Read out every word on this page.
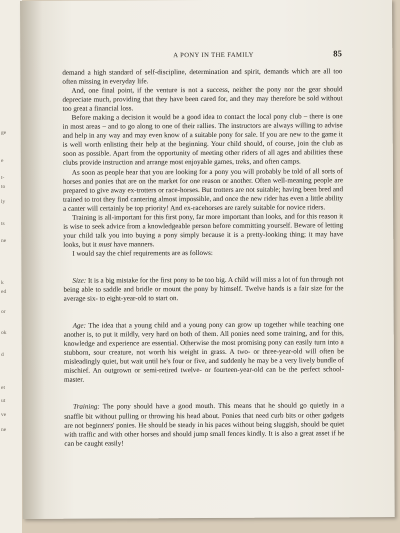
ge
e
t-
to
ly
ts
ne
k
ed
or
ok
d
et
ut
ve
ne
A PONY IN THE FAMILY	85

demand a high standard of self-discipline, determination and spirit, demands which are all too often missing in everyday life.

And, one final point, if the venture is not a success, neither the pony nor the gear should depreciate much, providing that they have been cared for, and they may therefore be sold without too great a financial loss.

Before making a decision it would be a good idea to contact the local pony club – there is one in most areas – and to go along to one of their rallies. The instructors are always willing to advise and help in any way and may even know of a suitable pony for sale. If you are new to the game it is well worth enlisting their help at the beginning. Your child should, of course, join the club as soon as possible. Apart from the opportunity of meeting other riders of all ages and abilities these clubs provide instruction and arrange most enjoyable games, treks, and often camps.

As soon as people hear that you are looking for a pony you will probably be told of all sorts of horses and ponies that are on the market for one reason or another. Often well-meaning people are prepared to give away ex-trotters or race-horses. But trotters are not suitable; having been bred and trained to trot they find cantering almost impossible, and once the new rider has even a little ability a canter will certainly be top priority! And ex-racehorses are rarely suitable for novice riders.

Training is all-important for this first pony, far more important than looks, and for this reason it is wise to seek advice from a knowledgeable person before committing yourself. Beware of letting your child talk you into buying a pony simply because it is a pretty-looking thing; it may have looks, but it must have manners.

I would say the chief requirements are as follows:

Size: It is a big mistake for the first pony to be too big. A child will miss a lot of fun through not being able to saddle and bridle or mount the pony by himself. Twelve hands is a fair size for the average six- to eight-year-old to start on.

Age: The idea that a young child and a young pony can grow up together while teaching one another is, to put it mildly, very hard on both of them. All ponies need some training, and for this, knowledge and experience are essential. Otherwise the most promising pony can easily turn into a stubborn, sour creature, not worth his weight in grass. A two- or three-year-old will often be misleadingly quiet, but wait until he's four or five, and suddenly he may be a very lively bundle of mischief. An outgrown or semi-retired twelve- or fourteen-year-old can be the perfect school-master.

Training: The pony should have a good mouth. This means that he should go quietly in a snaffle bit without pulling or throwing his head about. Ponies that need curb bits or other gadgets are not beginners' ponies. He should be steady in his paces without being sluggish, should be quiet with traffic and with other horses and should jump small fences kindly. It is also a great asset if he can be caught easily!
